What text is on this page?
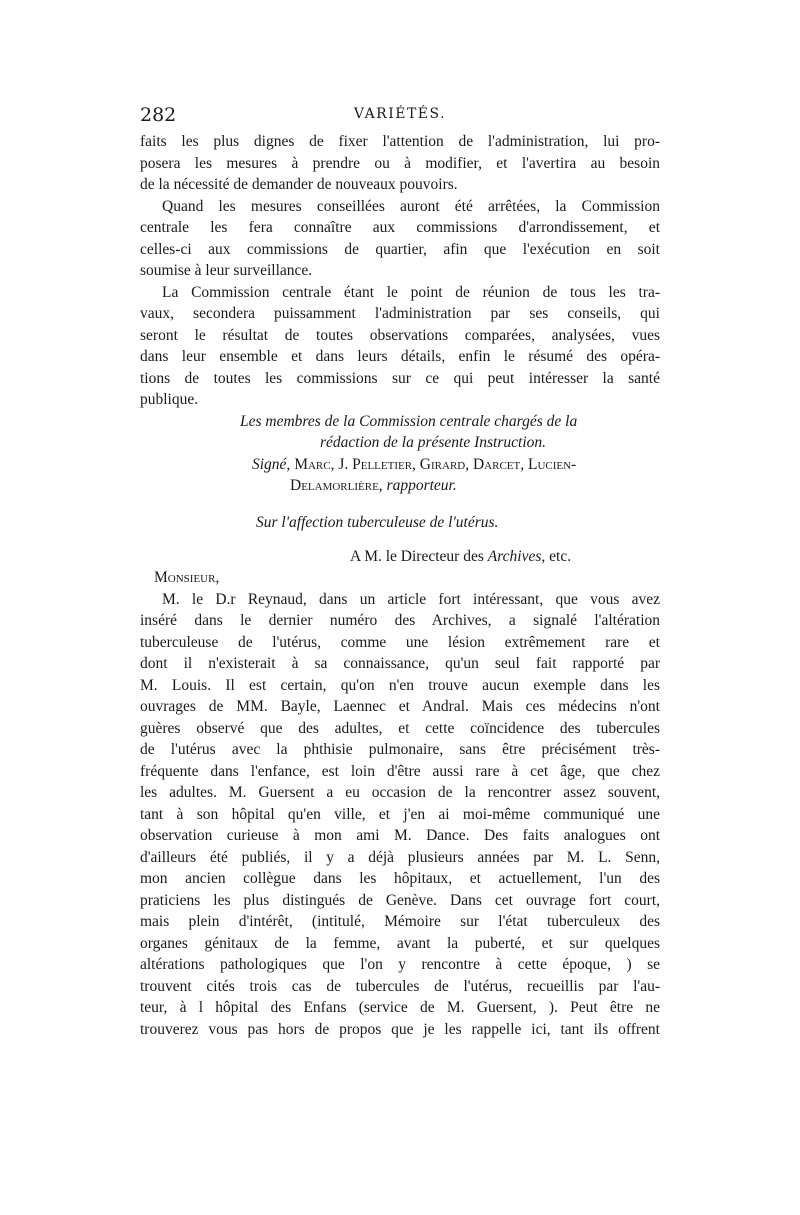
282	VARIÉTÉS.
faits les plus dignes de fixer l'attention de l'administration, lui pro-
posera les mesures à prendre ou à modifier, et l'avertira au besoin
de la nécessité de demander de nouveaux pouvoirs.
Quand les mesures conseillées auront été arrêtées, la Commission
centrale les fera connaître aux commissions d'arrondissement, et
celles-ci aux commissions de quartier, afin que l'exécution en soit
soumise à leur surveillance.
La Commission centrale étant le point de réunion de tous les tra-
vaux, secondera puissamment l'administration par ses conseils, qui
seront le résultat de toutes observations comparées, analysées, vues
dans leur ensemble et dans leurs détails, enfin le résumé des opéra-
tions de toutes les commissions sur ce qui peut intéresser la santé
publique.
Les membres de la Commission centrale chargés de la
rédaction de la présente Instruction.
Signé, Marc, J. Pelletier, Girard, Darcet, Lucien-
Delamorlière, rapporteur.
Sur l'affection tuberculeuse de l'utérus.
A M. le Directeur des Archives, etc.
Monsieur,
M. le D.r Reynaud, dans un article fort intéressant, que vous avez
inséré dans le dernier numéro des Archives, a signalé l'altération
tuberculeuse de l'utérus, comme une lésion extrêmement rare et
dont il n'existerait à sa connaissance, qu'un seul fait rapporté par
M. Louis. Il est certain, qu'on n'en trouve aucun exemple dans les
ouvrages de MM. Bayle, Laennec et Andral. Mais ces médecins n'ont
guères observé que des adultes, et cette coïncidence des tubercules
de l'utérus avec la phthisie pulmonaire, sans être précisément très-
fréquente dans l'enfance, est loin d'être aussi rare à cet âge, que chez
les adultes. M. Guersent a eu occasion de la rencontrer assez souvent,
tant à son hôpital qu'en ville, et j'en ai moi-même communiqué une
observation curieuse à mon ami M. Dance. Des faits analogues ont
d'ailleurs été publiés, il y a déjà plusieurs années par M. L. Senn,
mon ancien collègue dans les hôpitaux, et actuellement, l'un des
praticiens les plus distingués de Genève. Dans cet ouvrage fort court,
mais plein d'intérêt, (intitulé, Mémoire sur l'état tuberculeux des
organes génitaux de la femme, avant la puberté, et sur quelques
altérations pathologiques que l'on y rencontre à cette époque, ) se
trouvent cités trois cas de tubercules de l'utérus, recueillis par l'au-
teur, à l hôpital des Enfans (service de M. Guersent, ). Peut être ne
trouverez vous pas hors de propos que je les rappelle ici, tant ils offrent
